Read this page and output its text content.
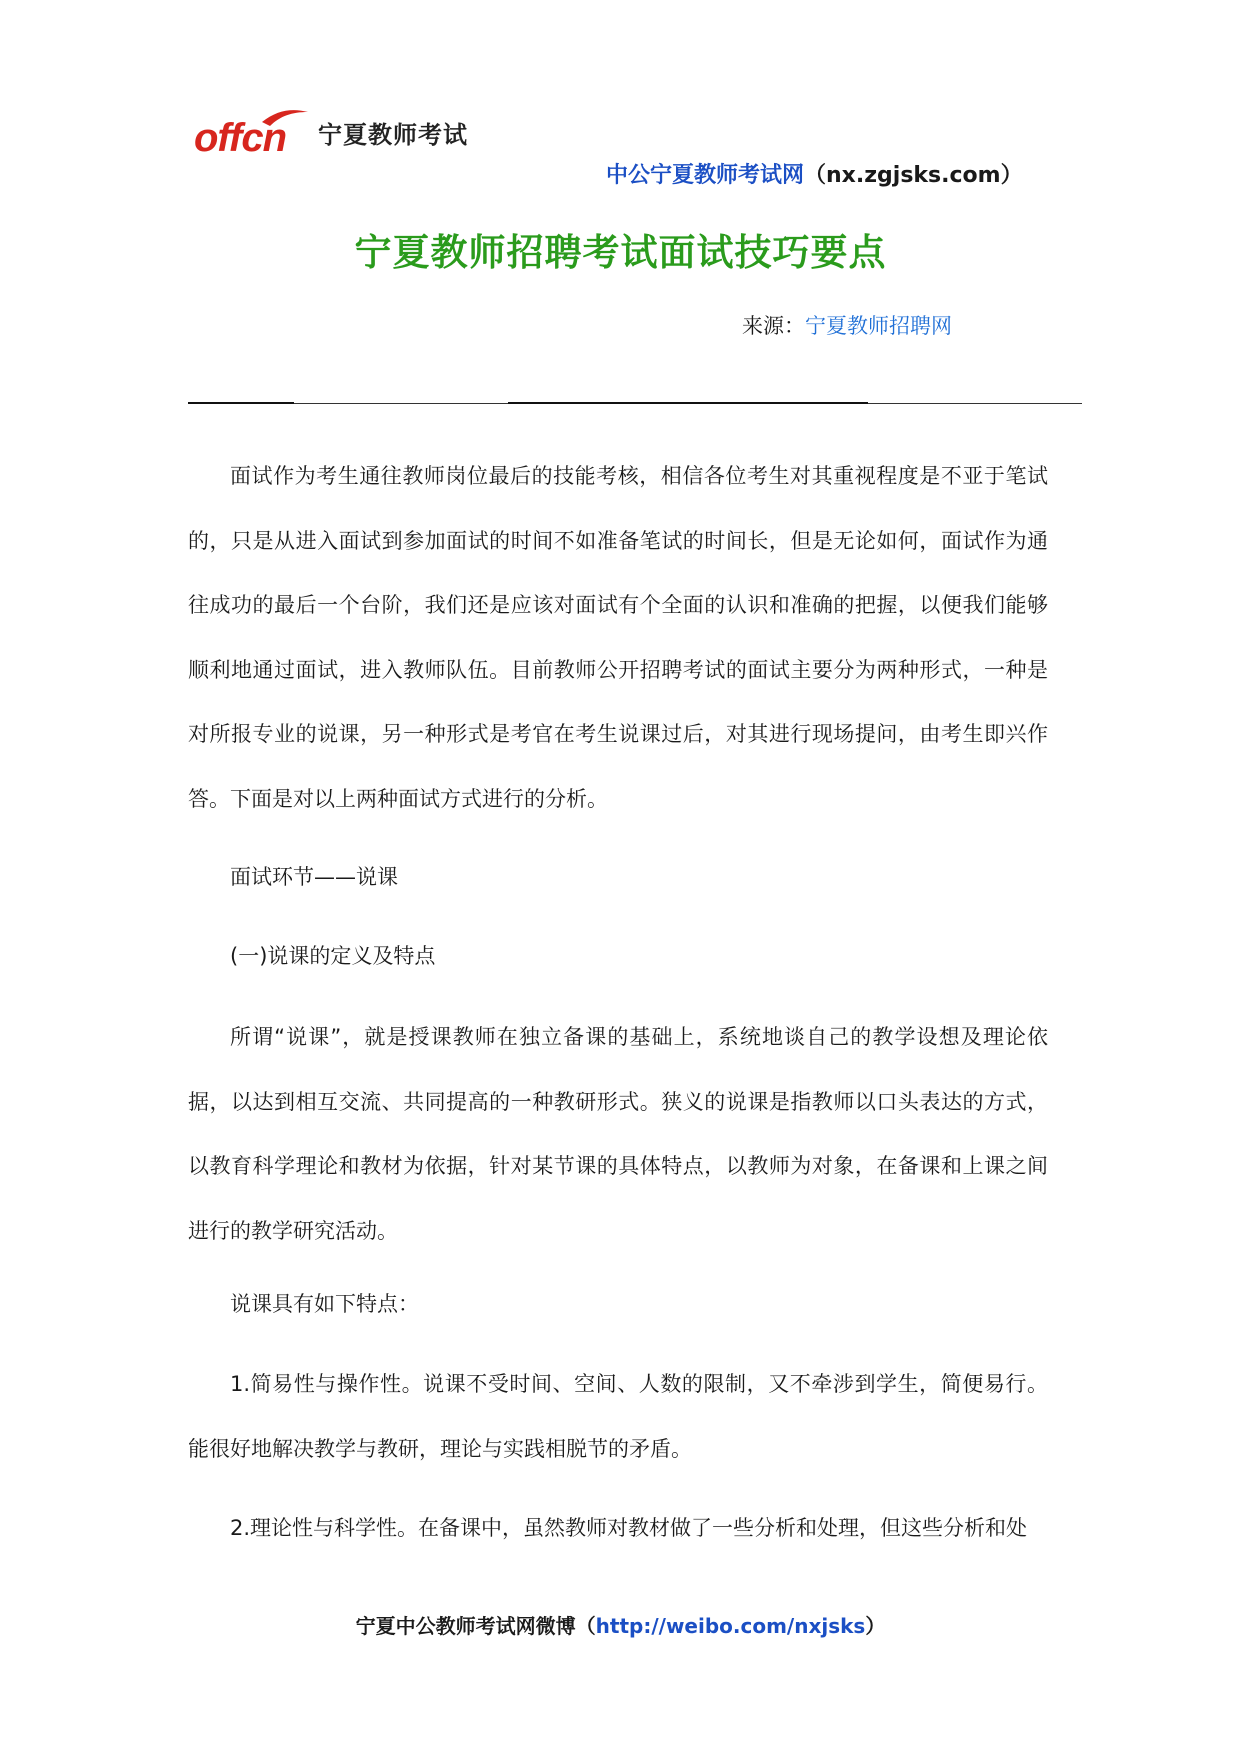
offcn 宁夏教师考试
中公宁夏教师考试网（nx.zgjsks.com）
宁夏教师招聘考试面试技巧要点
来源：宁夏教师招聘网

面试作为考生通往教师岗位最后的技能考核，相信各位考生对其重视程度是不亚于笔试的，只是从进入面试到参加面试的时间不如准备笔试的时间长，但是无论如何，面试作为通往成功的最后一个台阶，我们还是应该对面试有个全面的认识和准确的把握，以便我们能够顺利地通过面试，进入教师队伍。目前教师公开招聘考试的面试主要分为两种形式，一种是对所报专业的说课，另一种形式是考官在考生说课过后，对其进行现场提问，由考生即兴作答。下面是对以上两种面试方式进行的分析。

面试环节——说课

(一)说课的定义及特点

所谓“说课”，就是授课教师在独立备课的基础上，系统地谈自己的教学设想及理论依据，以达到相互交流、共同提高的一种教研形式。狭义的说课是指教师以口头表达的方式，以教育科学理论和教材为依据，针对某节课的具体特点，以教师为对象，在备课和上课之间进行的教学研究活动。

说课具有如下特点：

1.简易性与操作性。说课不受时间、空间、人数的限制，又不牵涉到学生，简便易行。能很好地解决教学与教研，理论与实践相脱节的矛盾。

2.理论性与科学性。在备课中，虽然教师对教材做了一些分析和处理，但这些分析和处

宁夏中公教师考试网微博（http://weibo.com/nxjsks）
